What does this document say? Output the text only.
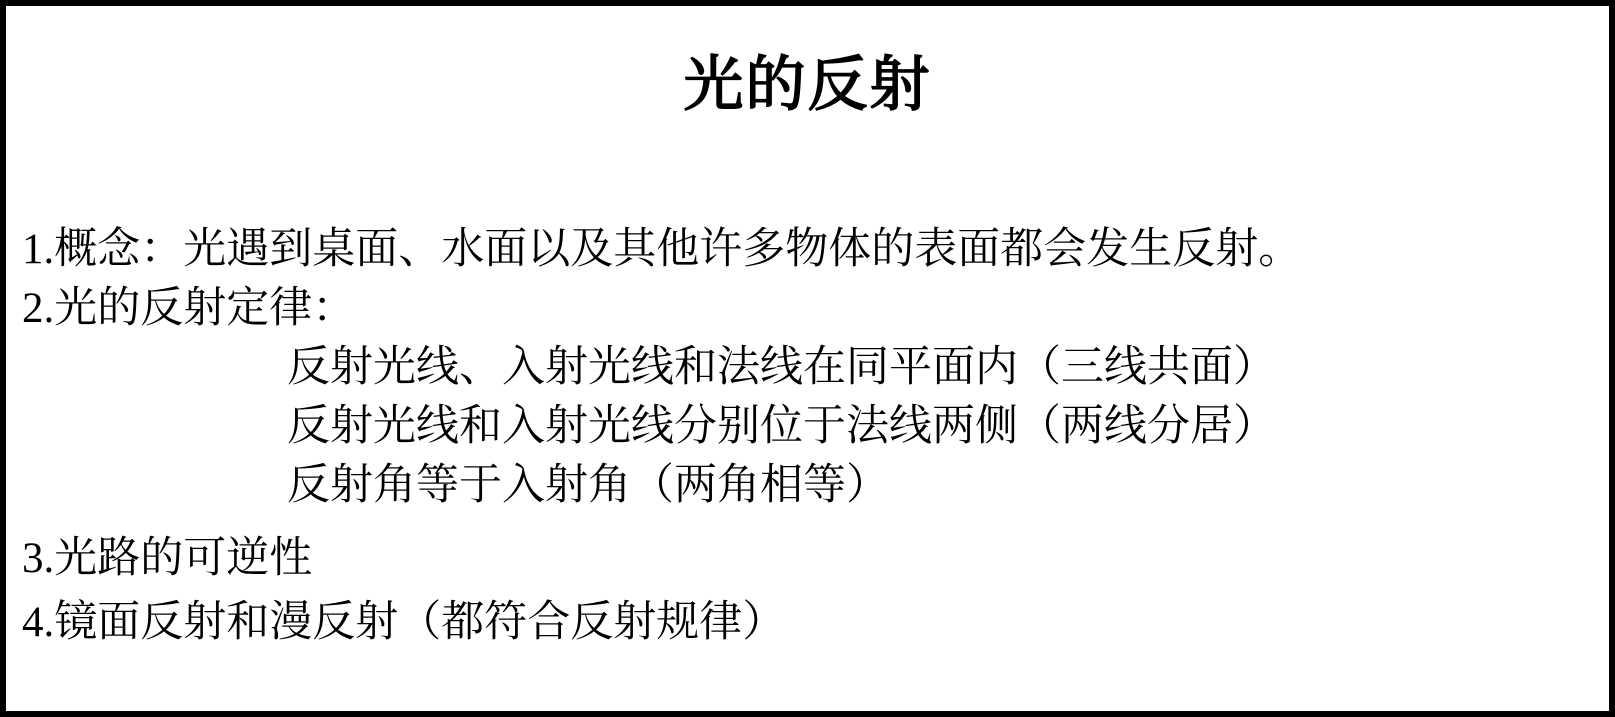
光的反射

1.概念：光遇到桌面、水面以及其他许多物体的表面都会发生反射。

2.光的反射定律：

反射光线、入射光线和法线在同平面内（三线共面）

反射光线和入射光线分别位于法线两侧（两线分居）

反射角等于入射角（两角相等）

3.光路的可逆性

4.镜面反射和漫反射（都符合反射规律）
